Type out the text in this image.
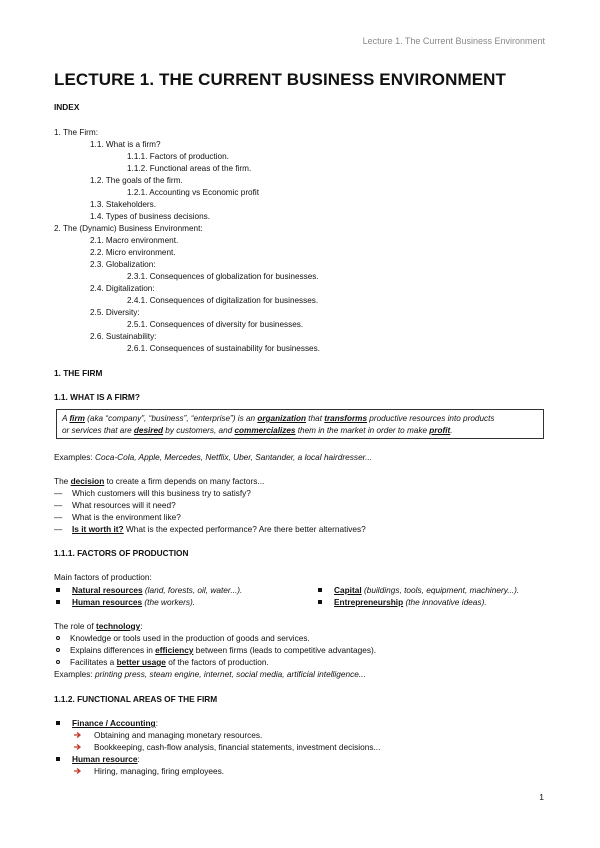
Lecture 1. The Current Business Environment
LECTURE 1. THE CURRENT BUSINESS ENVIRONMENT
INDEX
1. The Firm:
1.1. What is a firm?
1.1.1. Factors of production.
1.1.2. Functional areas of the firm.
1.2. The goals of the firm.
1.2.1. Accounting vs Economic profit
1.3. Stakeholders.
1.4. Types of business decisions.
2. The (Dynamic) Business Environment:
2.1. Macro environment.
2.2. Micro environment.
2.3. Globalization:
2.3.1. Consequences of globalization for businesses.
2.4. Digitalization:
2.4.1. Consequences of digitalization for businesses.
2.5. Diversity:
2.5.1. Consequences of diversity for businesses.
2.6. Sustainability:
2.6.1. Consequences of sustainability for businesses.
1. THE FIRM
1.1. WHAT IS A FIRM?
A firm (aka “company”, “business”, “enterprise”) is an organization that transforms productive resources into products
or services that are desired by customers, and commercializes them in the market in order to make profit.
Examples: Coca-Cola, Apple, Mercedes, Netflix, Uber, Santander, a local hairdresser...
The decision to create a firm depends on many factors...
— Which customers will this business try to satisfy?
— What resources will it need?
— What is the environment like?
— Is it worth it? What is the expected performance? Are there better alternatives?
1.1.1. FACTORS OF PRODUCTION
Main factors of production:
Natural resources (land, forests, oil, water...).
Human resources (the workers).
Capital (buildings, tools, equipment, machinery...).
Entrepreneurship (the innovative ideas).
The role of technology:
Knowledge or tools used in the production of goods and services.
Explains differences in efficiency between firms (leads to competitive advantages).
Facilitates a better usage of the factors of production.
Examples: printing press, steam engine, internet, social media, artificial intelligence...
1.1.2. FUNCTIONAL AREAS OF THE FIRM
Finance / Accounting:
Obtaining and managing monetary resources.
Bookkeeping, cash-flow analysis, financial statements, investment decisions...
Human resource:
Hiring, managing, firing employees.
1
